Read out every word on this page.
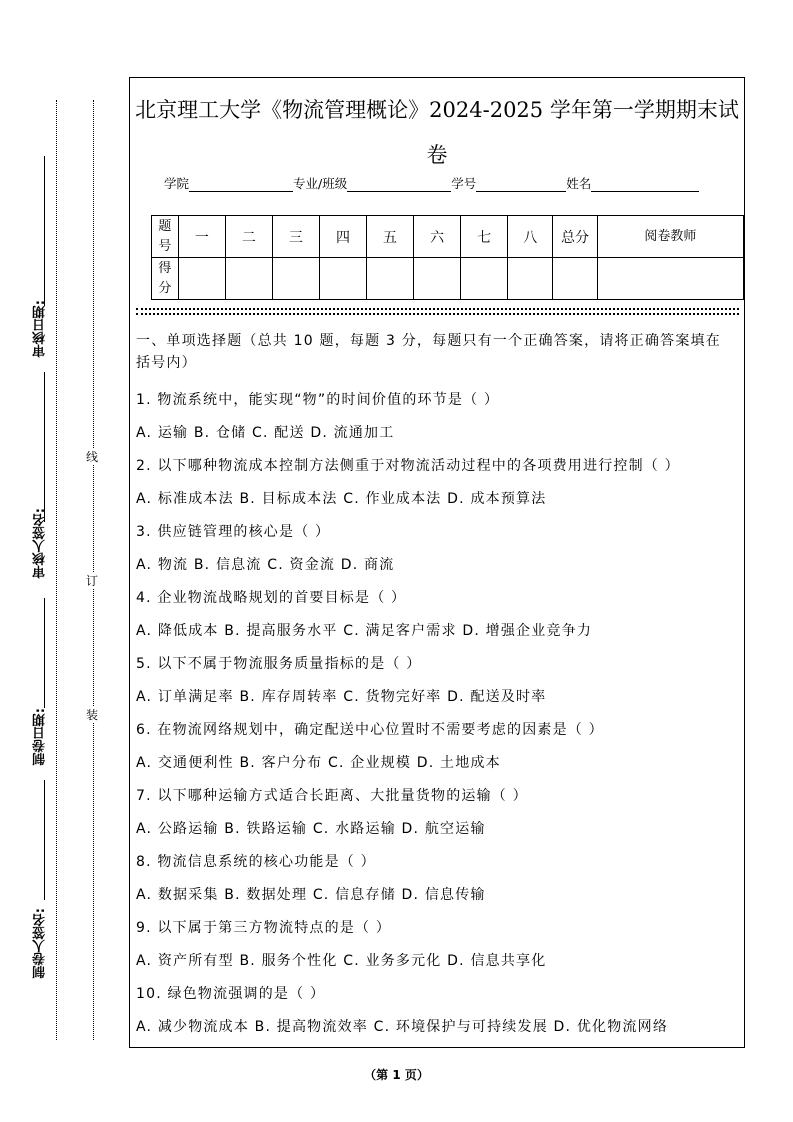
审核日期:
审核人签名:
制卷日期:
制卷人签名:
线
订
装
北京理工大学《物流管理概论》2024-2025 学年第一学期期末试
卷
学院	专业/班级	学号	姓名
题号	一	二	三	四	五	六	七	八	总分	阅卷教师
得分										
一、单项选择题（总共 10 题，每题 3 分，每题只有一个正确答案，请将正确答案填在括号内）
1. 物流系统中，能实现“物”的时间价值的环节是（ ）
A. 运输 B. 仓储 C. 配送 D. 流通加工
2. 以下哪种物流成本控制方法侧重于对物流活动过程中的各项费用进行控制（ ）
A. 标准成本法 B. 目标成本法 C. 作业成本法 D. 成本预算法
3. 供应链管理的核心是（ ）
A. 物流 B. 信息流 C. 资金流 D. 商流
4. 企业物流战略规划的首要目标是（ ）
A. 降低成本 B. 提高服务水平 C. 满足客户需求 D. 增强企业竞争力
5. 以下不属于物流服务质量指标的是（ ）
A. 订单满足率 B. 库存周转率 C. 货物完好率 D. 配送及时率
6. 在物流网络规划中，确定配送中心位置时不需要考虑的因素是（ ）
A. 交通便利性 B. 客户分布 C. 企业规模 D. 土地成本
7. 以下哪种运输方式适合长距离、大批量货物的运输（ ）
A. 公路运输 B. 铁路运输 C. 水路运输 D. 航空运输
8. 物流信息系统的核心功能是（ ）
A. 数据采集 B. 数据处理 C. 信息存储 D. 信息传输
9. 以下属于第三方物流特点的是（ ）
A. 资产所有型 B. 服务个性化 C. 业务多元化 D. 信息共享化
10. 绿色物流强调的是（ ）
A. 减少物流成本 B. 提高物流效率 C. 环境保护与可持续发展 D. 优化物流网络
（第 1 页）
